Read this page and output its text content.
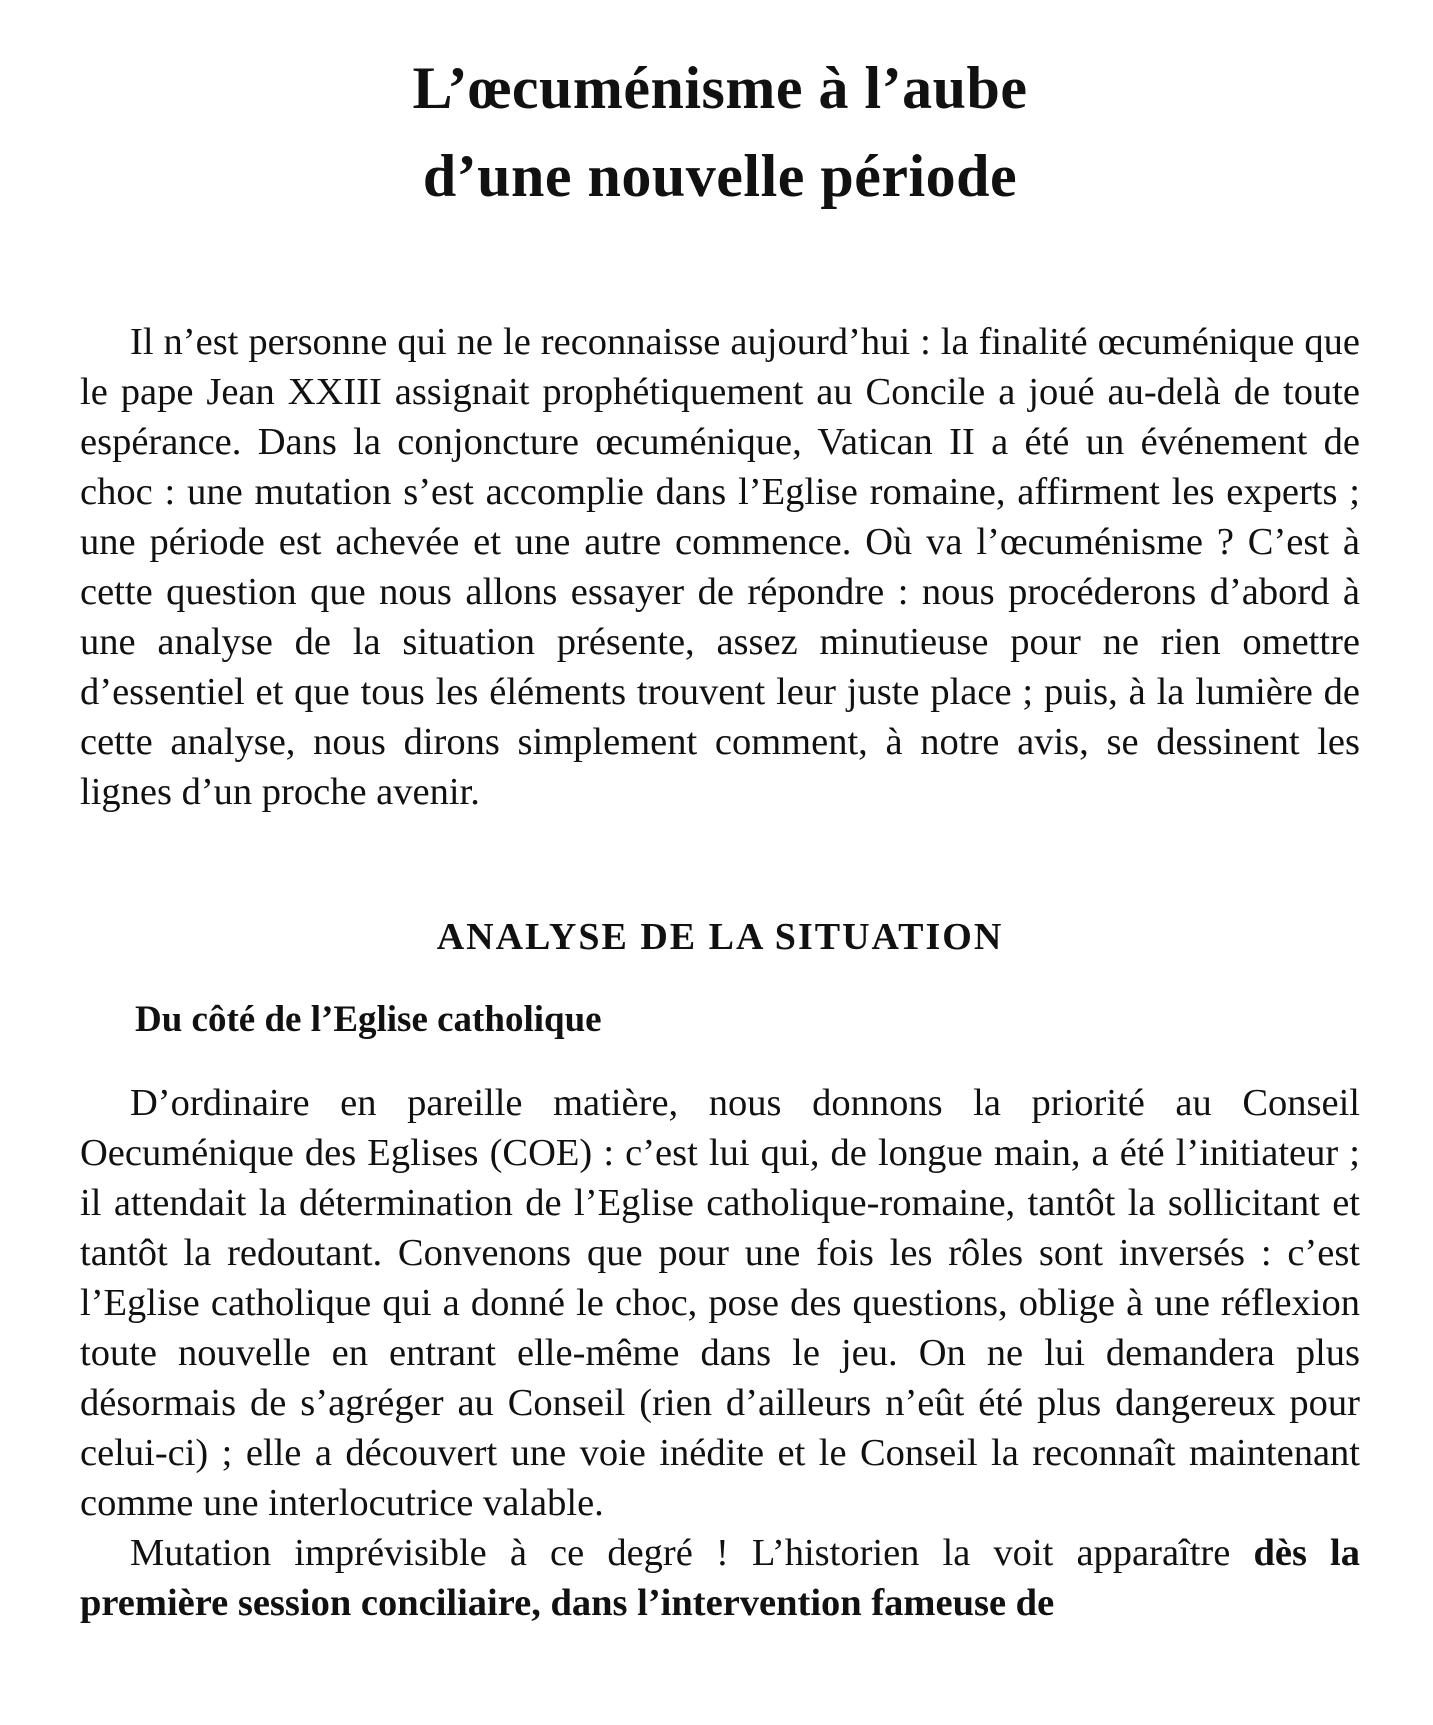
L’œcuménisme à l’aube
d’une nouvelle période

Il n’est personne qui ne le reconnaisse aujourd’hui : la finalité œcuménique que le pape Jean XXIII assignait prophétiquement au Concile a joué au-delà de toute espérance. Dans la conjoncture œcuménique, Vatican II a été un événement de choc : une mutation s’est accomplie dans l’Eglise romaine, affirment les experts ; une période est achevée et une autre commence. Où va l’œcuménisme ? C’est à cette question que nous allons essayer de répondre : nous procéderons d’abord à une analyse de la situation présente, assez minutieuse pour ne rien omettre d’essentiel et que tous les éléments trouvent leur juste place ; puis, à la lumière de cette analyse, nous dirons simplement comment, à notre avis, se dessinent les lignes d’un proche avenir.

ANALYSE DE LA SITUATION
Du côté de l’Eglise catholique

D’ordinaire en pareille matière, nous donnons la priorité au Conseil Oecuménique des Eglises (COE) : c’est lui qui, de longue main, a été l’initiateur ; il attendait la détermination de l’Eglise catholique-romaine, tantôt la sollicitant et tantôt la redoutant. Convenons que pour une fois les rôles sont inversés : c’est l’Eglise catholique qui a donné le choc, pose des questions, oblige à une réflexion toute nouvelle en entrant elle-même dans le jeu. On ne lui demandera plus désormais de s’agréger au Conseil (rien d’ailleurs n’eût été plus dangereux pour celui-ci) ; elle a découvert une voie inédite et le Conseil la reconnaît maintenant comme une interlocutrice valable.

Mutation imprévisible à ce degré ! L’historien la voit apparaître dès la première session conciliaire, dans l’intervention fameuse de
